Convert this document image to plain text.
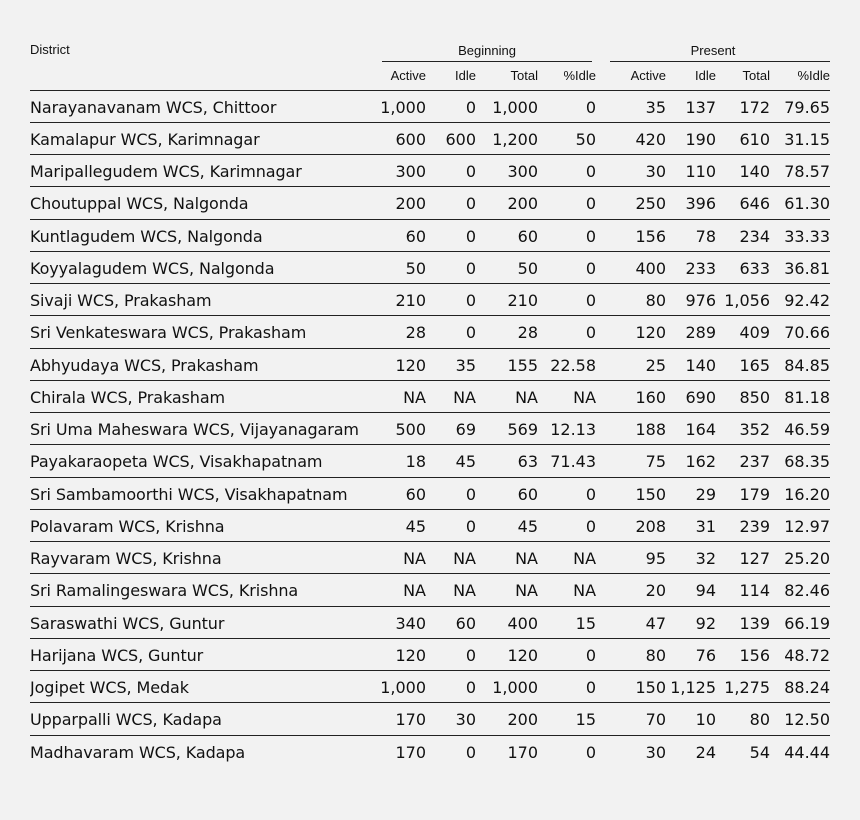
District	Beginning				Present			

	Active	Idle	Total	%Idle	Active	Idle	Total	%Idle
Narayanavanam WCS, Chittoor	1,000	0	1,000	0	35	137	172	79.65
Kamalapur WCS, Karimnagar	600	600	1,200	50	420	190	610	31.15
Maripallegudem WCS, Karimnagar	300	0	300	0	30	110	140	78.57
Choutuppal WCS, Nalgonda	200	0	200	0	250	396	646	61.30
Kuntlagudem WCS, Nalgonda	60	0	60	0	156	78	234	33.33
Koyyalagudem WCS, Nalgonda	50	0	50	0	400	233	633	36.81
Sivaji WCS, Prakasham	210	0	210	0	80	976	1,056	92.42
Sri Venkateswara WCS, Prakasham	28	0	28	0	120	289	409	70.66
Abhyudaya WCS, Prakasham	120	35	155	22.58	25	140	165	84.85
Chirala WCS, Prakasham	NA	NA	NA	NA	160	690	850	81.18
Sri Uma Maheswara WCS, Vijayanagaram	500	69	569	12.13	188	164	352	46.59
Payakaraopeta WCS, Visakhapatnam	18	45	63	71.43	75	162	237	68.35
Sri Sambamoorthi WCS, Visakhapatnam	60	0	60	0	150	29	179	16.20
Polavaram WCS, Krishna	45	0	45	0	208	31	239	12.97
Rayvaram WCS, Krishna	NA	NA	NA	NA	95	32	127	25.20
Sri Ramalingeswara WCS, Krishna	NA	NA	NA	NA	20	94	114	82.46
Saraswathi WCS, Guntur	340	60	400	15	47	92	139	66.19
Harijana WCS, Guntur	120	0	120	0	80	76	156	48.72
Jogipet WCS, Medak	1,000	0	1,000	0	150	1,125	1,275	88.24
Upparpalli WCS, Kadapa	170	30	200	15	70	10	80	12.50
Madhavaram WCS, Kadapa	170	0	170	0	30	24	54	44.44
